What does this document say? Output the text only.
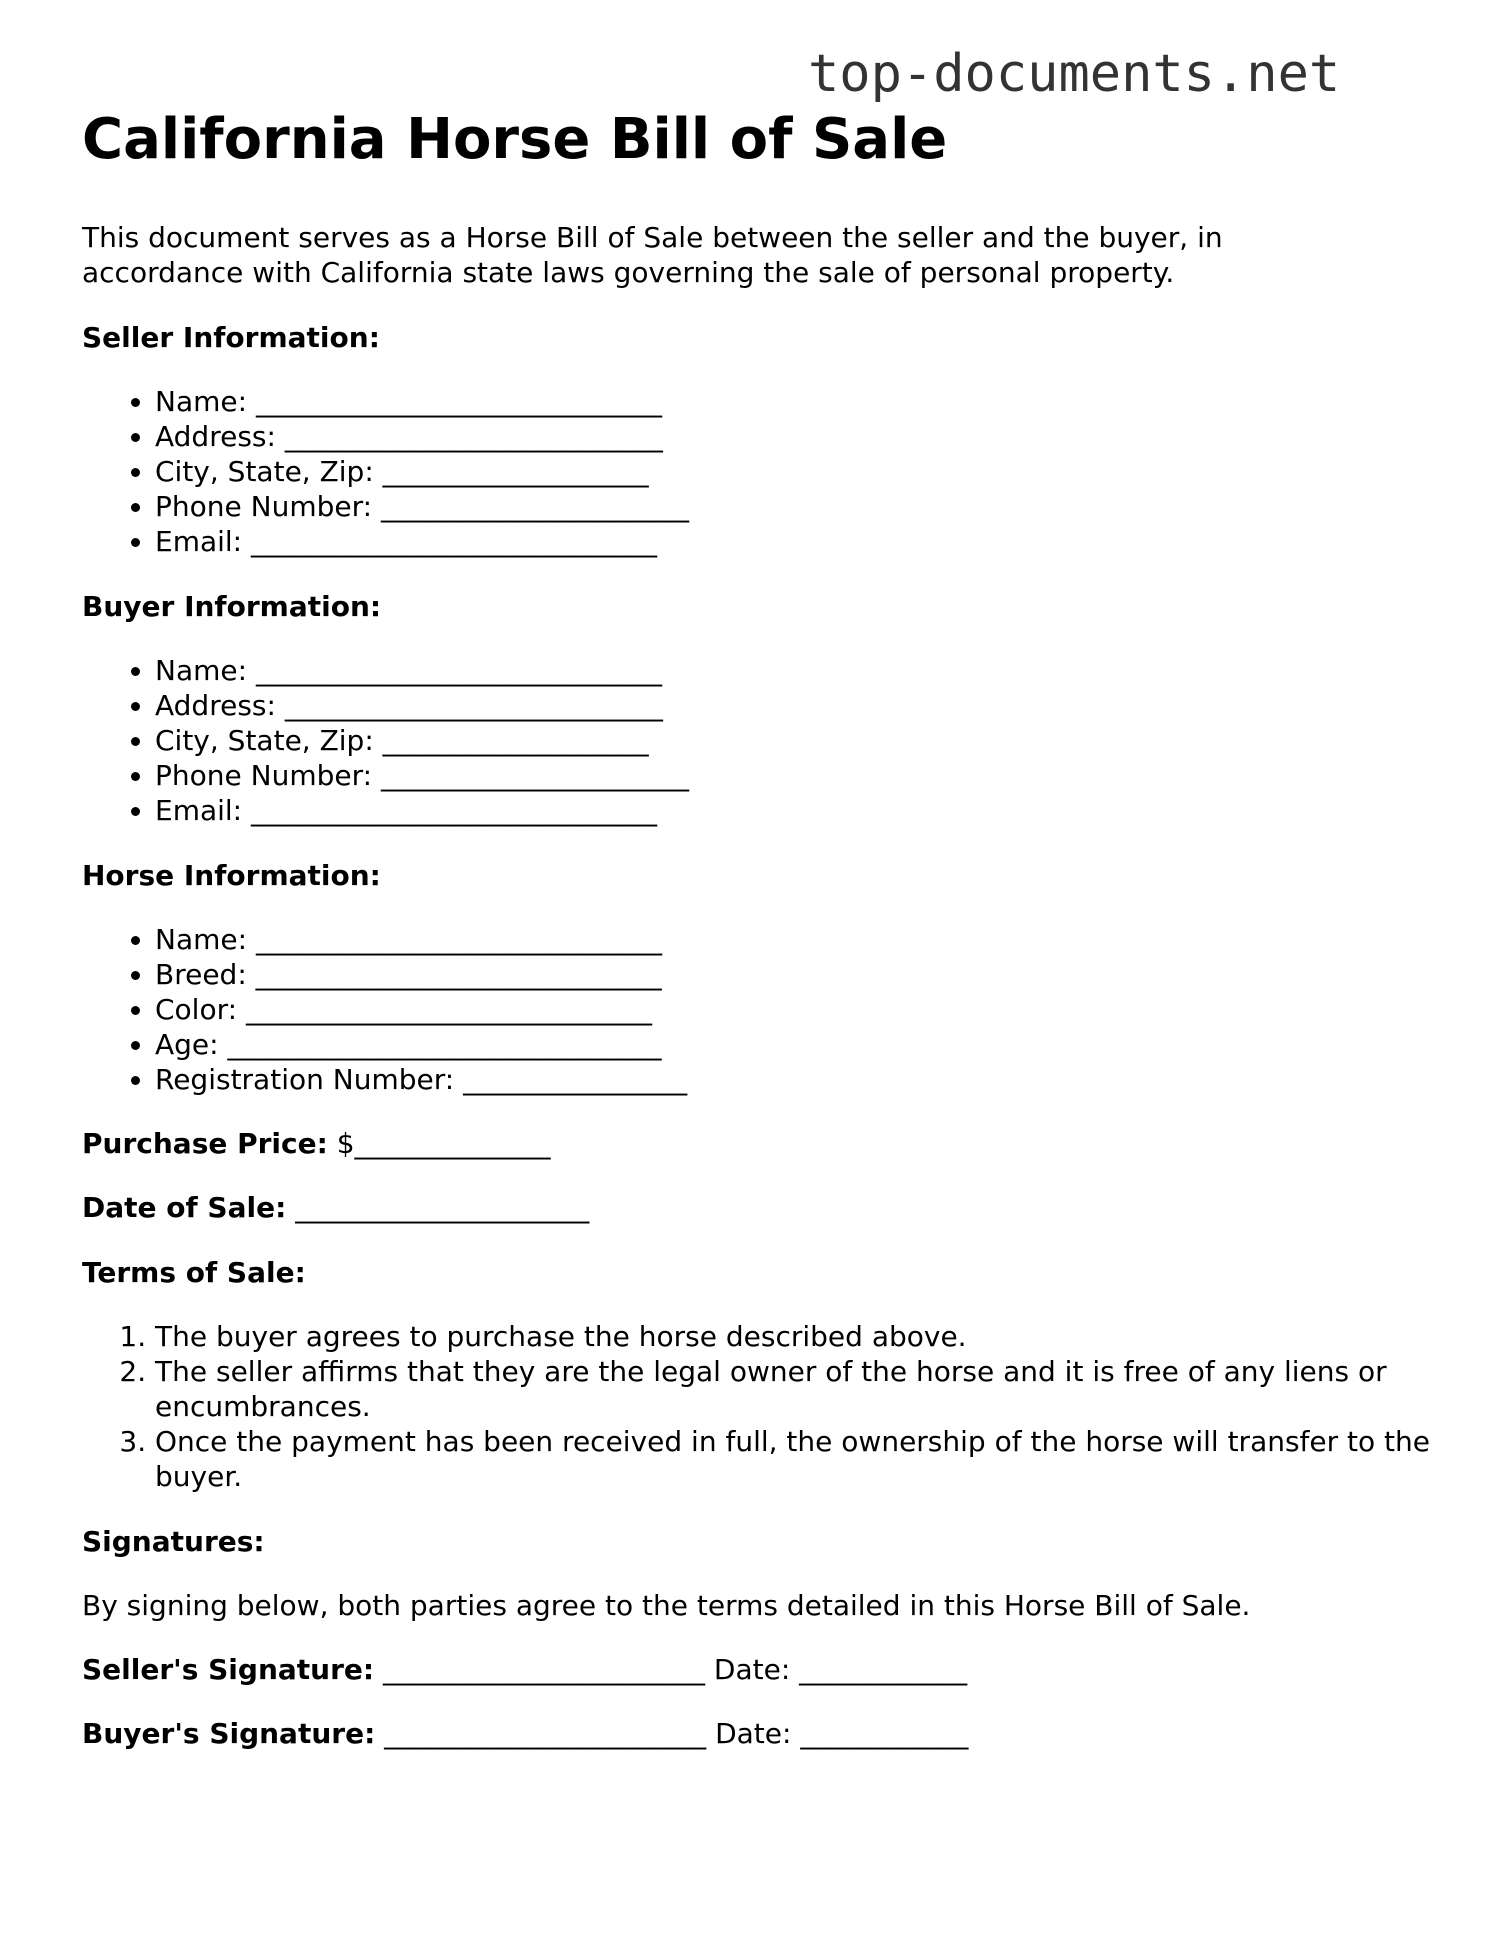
top-documents.net
California Horse Bill of Sale

This document serves as a Horse Bill of Sale between the seller and the buyer, in accordance with California state laws governing the sale of personal property.

Seller Information:
• Name: _____________________________
• Address: ___________________________
• City, State, Zip: ___________________
• Phone Number: ______________________
• Email: _____________________________
Buyer Information:
• Name: _____________________________
• Address: ___________________________
• City, State, Zip: ___________________
• Phone Number: ______________________
• Email: _____________________________
Horse Information:
• Name: _____________________________
• Breed: _____________________________
• Color: _____________________________
• Age: _______________________________
• Registration Number: ________________
Purchase Price: $______________
Date of Sale: _____________________
Terms of Sale:
1. The buyer agrees to purchase the horse described above.
2. The seller affirms that they are the legal owner of the horse and it is free of any liens or encumbrances.
3. Once the payment has been received in full, the ownership of the horse will transfer to the buyer.
Signatures:

By signing below, both parties agree to the terms detailed in this Horse Bill of Sale.

Seller's Signature: _______________________ Date: ____________
Buyer's Signature: _______________________ Date: ____________
